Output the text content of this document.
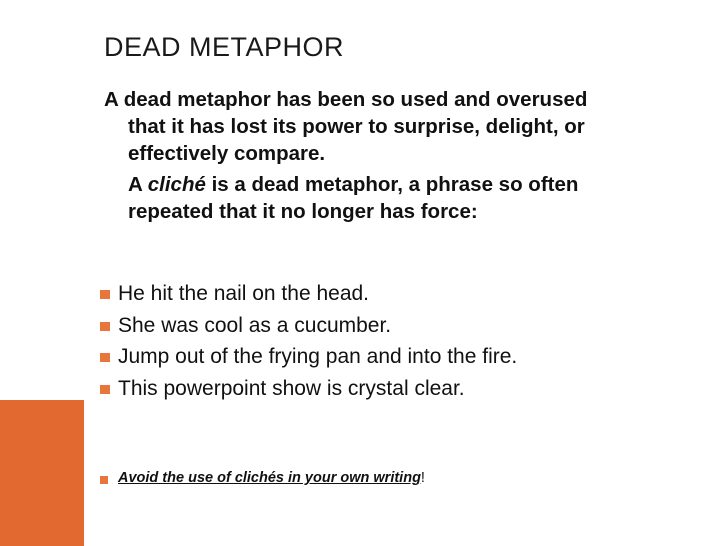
DEAD METAPHOR
A dead metaphor has been so used and overused
that it has lost its power to surprise, delight, or
effectively compare.
A cliché is a dead metaphor, a phrase so often
repeated that it no longer has force:
He hit the nail on the head.
She was cool as a cucumber.
Jump out of the frying pan and into the fire.
This powerpoint show is crystal clear.
Avoid the use of clichés in your own writing!
